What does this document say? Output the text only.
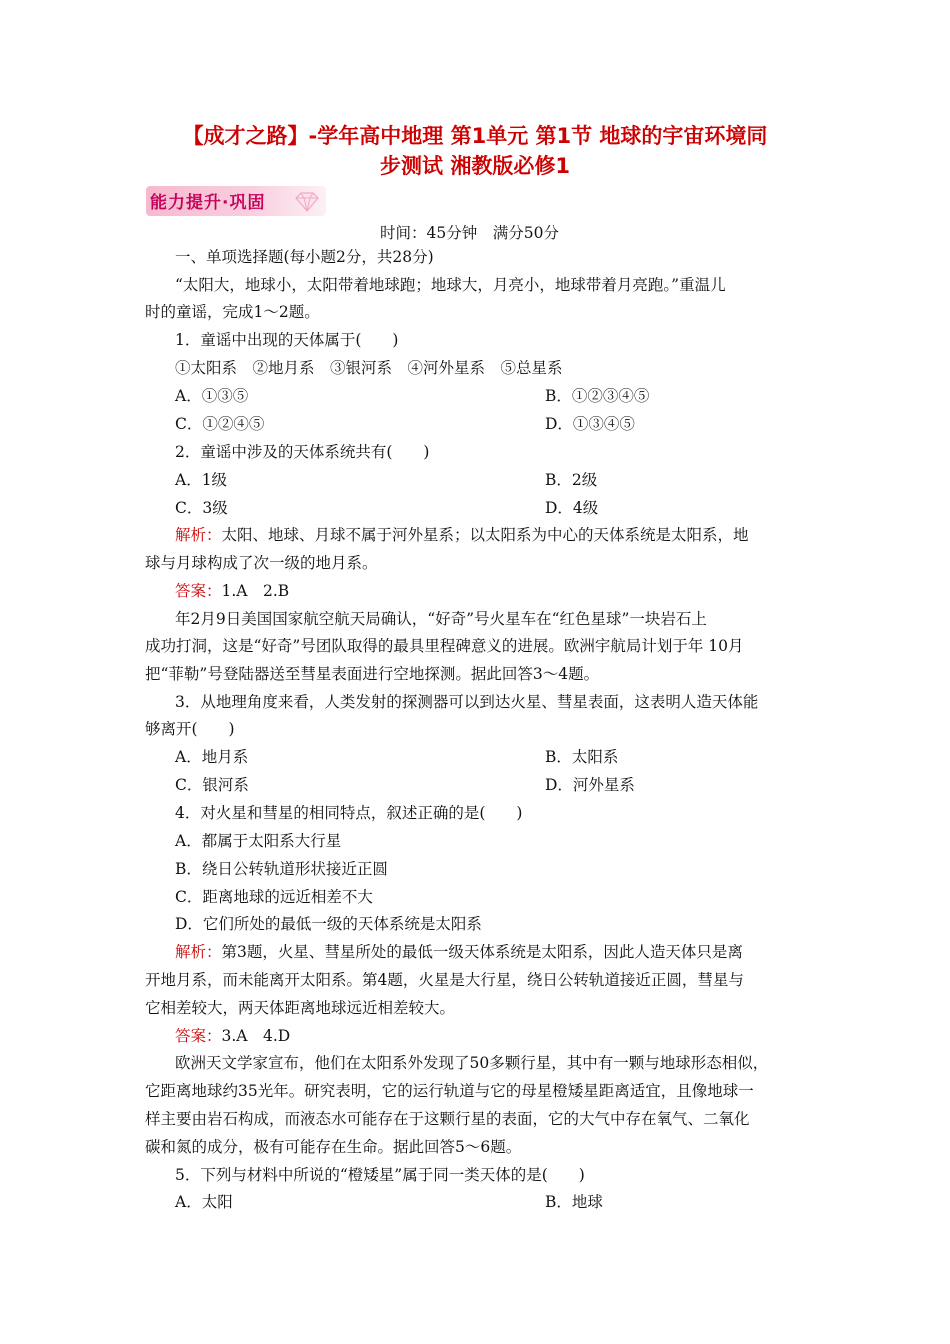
【成才之路】-学年高中地理 第1单元 第1节 地球的宇宙环境同
步测试 湘教版必修1
能力提升·巩固
时间：45分钟　满分50分
一、单项选择题(每小题2分，共28分)
“太阳大，地球小，太阳带着地球跑；地球大，月亮小，地球带着月亮跑。”重温儿
时的童谣，完成1～2题。
1．童谣中出现的天体属于(　　)
①太阳系　②地月系　③银河系　④河外星系　⑤总星系
A．①③⑤	B．①②③④⑤
C．①②④⑤	D．①③④⑤
2．童谣中涉及的天体系统共有(　　)
A．1级	B．2级
C．3级	D．4级
解析：太阳、地球、月球不属于河外星系；以太阳系为中心的天体系统是太阳系，地
球与月球构成了次一级的地月系。
答案：1.A　2.B
年2月9日美国国家航空航天局确认，“好奇”号火星车在“红色星球”一块岩石上
成功打洞，这是“好奇”号团队取得的最具里程碑意义的进展。欧洲宇航局计划于年 10月
把“菲勒”号登陆器送至彗星表面进行空地探测。据此回答3～4题。
3．从地理角度来看，人类发射的探测器可以到达火星、彗星表面，这表明人造天体能
够离开(　　)
A．地月系	B．太阳系
C．银河系	D．河外星系
4．对火星和彗星的相同特点，叙述正确的是(　　)
A．都属于太阳系大行星
B．绕日公转轨道形状接近正圆
C．距离地球的远近相差不大
D．它们所处的最低一级的天体系统是太阳系
解析：第3题，火星、彗星所处的最低一级天体系统是太阳系，因此人造天体只是离
开地月系，而未能离开太阳系。第4题，火星是大行星，绕日公转轨道接近正圆，彗星与
它相差较大，两天体距离地球远近相差较大。
答案：3.A　4.D
欧洲天文学家宣布，他们在太阳系外发现了50多颗行星，其中有一颗与地球形态相似，
它距离地球约35光年。研究表明，它的运行轨道与它的母星橙矮星距离适宜，且像地球一
样主要由岩石构成，而液态水可能存在于这颗行星的表面，它的大气中存在氧气、二氧化
碳和氮的成分，极有可能存在生命。据此回答5～6题。
5．下列与材料中所说的“橙矮星”属于同一类天体的是(　　)
A．太阳	B．地球
